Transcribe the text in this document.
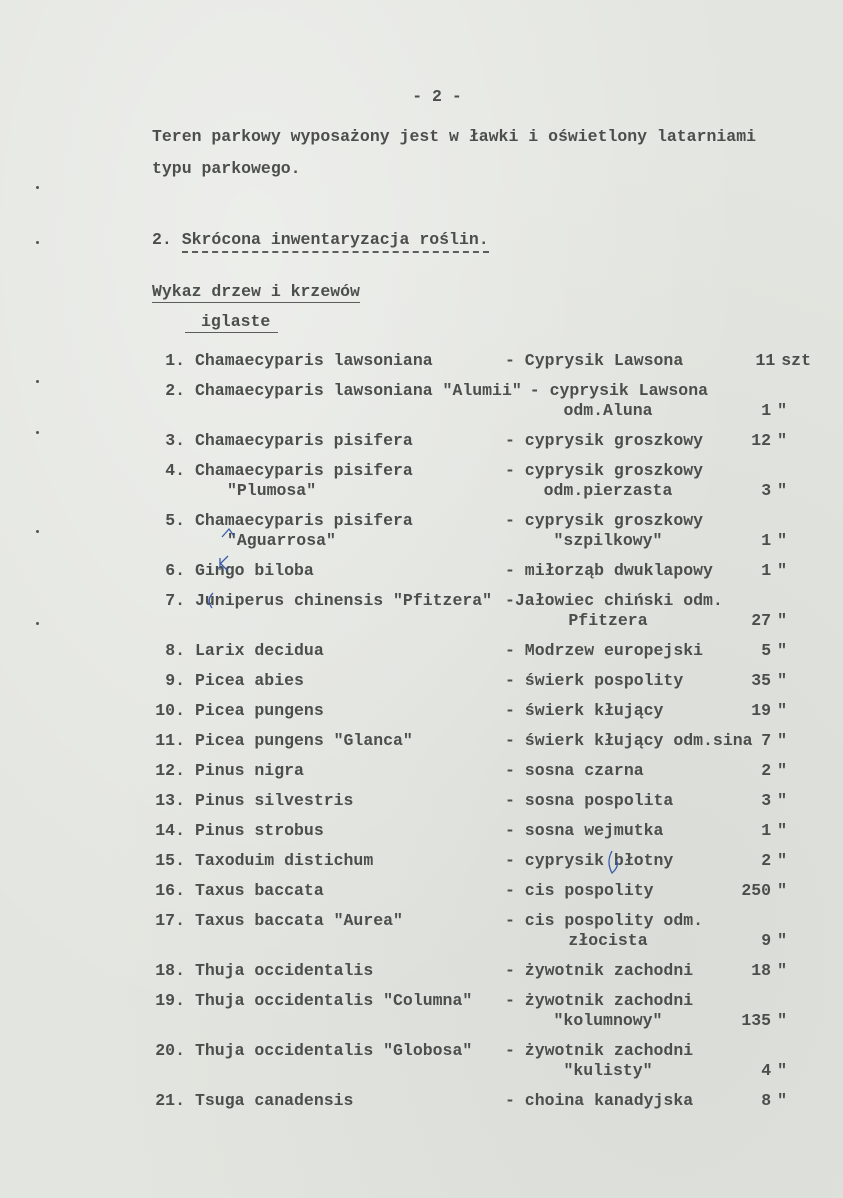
- 2 -
Teren parkowy wyposażony jest w ławki i oświetlony latarniami
typu parkowego.
2. Skrócona inwentaryzacja roślin.
Wykaz drzew i krzewów
iglaste
1. Chamaecyparis lawsoniana	- Cyprysik Lawsona	11 szt
2. Chamaecyparis lawsoniana "Alumii" - cyprysik Lawsona
odm.Aluna	1 "
3. Chamaecyparis pisifera	- cyprysik groszkowy	12 "
4. Chamaecyparis pisifera	- cyprysik groszkowy
"Plumosa"	odm.pierzasta	3 "
5. Chamaecyparis pisifera	- cyprysik groszkowy
"Aguarrosa"	"szpilkowy"	1 "
6. Gingo biloba	- miłorząb dwuklapowy	1 "
7. Juniperus chinensis "Pfitzera" -Jałowiec chiński odm.
Pfitzera	27 "
8. Larix decidua	- Modrzew europejski	5 "
9. Picea abies	- świerk pospolity	35 "
10. Picea pungens	- świerk kłujący	19 "
11. Picea pungens "Glanca"	- świerk kłujący odm.sina 7 "
12. Pinus nigra	- sosna czarna	2 "
13. Pinus silvestris	- sosna pospolita	3 "
14. Pinus strobus	- sosna wejmutka	1 "
15. Taxoduim distichum	- cyprysik błotny	2 "
16. Taxus baccata	- cis pospolity	250 "
17. Taxus baccata "Aurea"	- cis pospolity odm.
złocista	9 "
18. Thuja occidentalis	- żywotnik zachodni	18 "
19. Thuja occidentalis "Columna"	- żywotnik zachodni
"kolumnowy"	135 "
20. Thuja occidentalis "Globosa"	- żywotnik zachodni
"kulisty"	4 "
21. Tsuga canadensis	- choina kanadyjska	8 "
